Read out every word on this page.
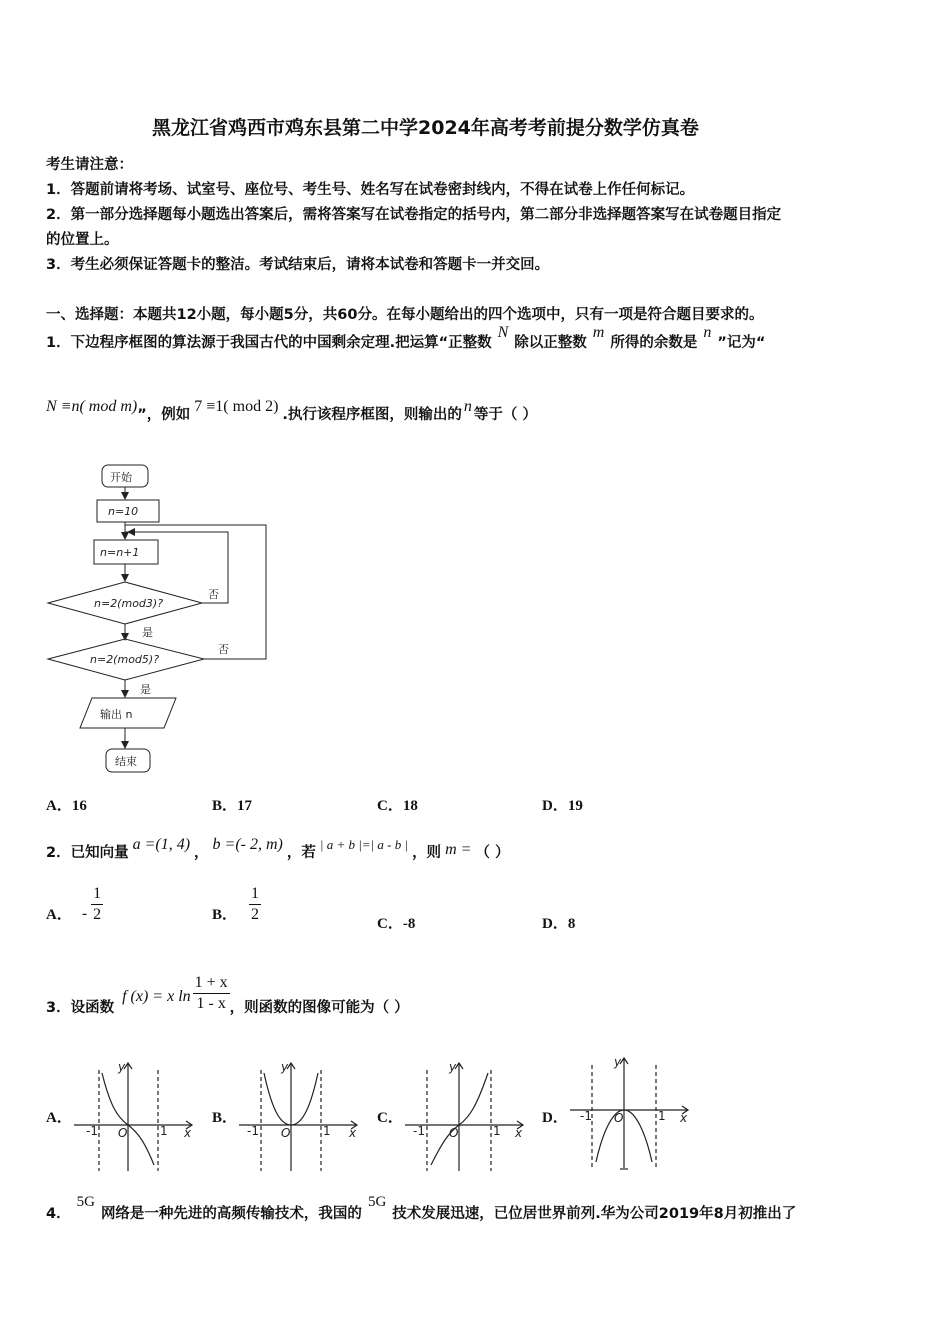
黑龙江省鸡西市鸡东县第二中学2024年高考考前提分数学仿真卷
考生请注意：
1．答题前请将考场、试室号、座位号、考生号、姓名写在试卷密封线内，不得在试卷上作任何标记。
2．第一部分选择题每小题选出答案后，需将答案写在试卷指定的括号内，第二部分非选择题答案写在试卷题目指定
的位置上。
3．考生必须保证答题卡的整洁。考试结束后，请将本试卷和答题卡一并交回。
一、选择题：本题共12小题，每小题5分，共60分。在每小题给出的四个选项中，只有一项是符合题目要求的。
1．下边程序框图的算法源于我国古代的中国剩余定理.把运算“正整数N除以正整数m所得的余数是n”记为“
N ≡n( mod m)”，例如 7 ≡1( mod 2) .执行该程序框图，则输出的 n 等于（ ）
开始
n=10
n=n+1
n=2(mod3)?
n=2(mod5)?
否
否
是
是
输出 n
结束
A．16	B．17	C．18	D．19
2．已知向量 a =(1, 4) ， b =(- 2, m) ，若| a + b |=| a - b |，则 m = （ ）
A． - $\frac{1}{2}$	B． $\frac{1}{2}$	C．-8	D．8
3．设函数
f (x) = x $\ln \frac{1 + x}{1 - x}$ ，则函数的图像可能为（ ）
A．	B．	C．	D．
y
x
O
-1	1
y
x
O
-1	1
y
x
O
-1	1
y
x
O
-1	1
4．5G网络是一种先进的高频传输技术，我国的5G技术发展迅速，已位居世界前列.华为公司2019年8月初推出了
